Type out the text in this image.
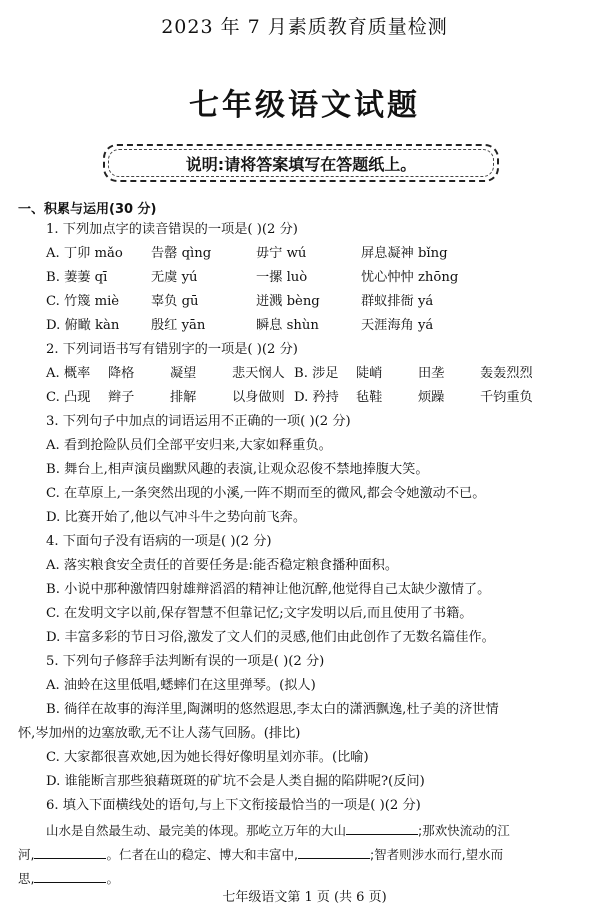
2023 年 7 月素质教育质量检测
七年级语文试题
说明:请将答案填写在答题纸上。
一、积累与运用(30 分)
1. 下列加点字的读音错误的一项是( )(2 分)
A. 丁卯 mǎo	告罄 qìng	毋宁 wú	屏息凝神 bǐng
B. 萋萋 qī	无虞 yú	一摞 luò	忧心忡忡 zhōng
C. 竹篾 miè	辜负 gū	迸溅 bèng	群蚁排衙 yá
D. 俯瞰 kàn	殷红 yān	瞬息 shùn	天涯海角 yá
2. 下列词语书写有错别字的一项是( )(2 分)
A. 概率	降格	凝望	悲天悯人 B. 涉足	陡峭	田垄	轰轰烈烈
C. 凸现	辫子	排解	以身做则 D. 矜持	毡鞋	烦躁	千钧重负
3. 下列句子中加点的词语运用不正确的一项( )(2 分)
A. 看到抢险队员们全部平安归来,大家如释重负。
B. 舞台上,相声演员幽默风趣的表演,让观众忍俊不禁地捧腹大笑。
C. 在草原上,一条突然出现的小溪,一阵不期而至的微风,都会令她激动不已。
D. 比赛开始了,他以气冲斗牛之势向前飞奔。
4. 下面句子没有语病的一项是( )(2 分)
A. 落实粮食安全责任的首要任务是:能否稳定粮食播种面积。
B. 小说中那种激情四射雄辩滔滔的精神让他沉醉,他觉得自己太缺少激情了。
C. 在发明文字以前,保存智慧不但靠记忆;文字发明以后,而且使用了书籍。
D. 丰富多彩的节日习俗,激发了文人们的灵感,他们由此创作了无数名篇佳作。
5. 下列句子修辞手法判断有误的一项是( )(2 分)
A. 油蛉在这里低唱,蟋蟀们在这里弹琴。(拟人)
B. 徜徉在故事的海洋里,陶渊明的悠然遐思,李太白的潇洒飘逸,杜子美的济世情
怀,岑加州的边塞放歌,无不让人荡气回肠。(排比)
C. 大家都很喜欢她,因为她长得好像明星刘亦菲。(比喻)
D. 谁能断言那些狼藉斑斑的矿坑不会是人类自掘的陷阱呢?(反问)
6. 填入下面横线处的语句,与上下文衔接最恰当的一项是( )(2 分)
山水是自然最生动、最完美的体现。那屹立万年的大山	;那欢快流动的江
河,	。仁者在山的稳定、博大和丰富中,	;智者则涉水而行,望水而
思,	。
七年级语文第 1 页 (共 6 页)
